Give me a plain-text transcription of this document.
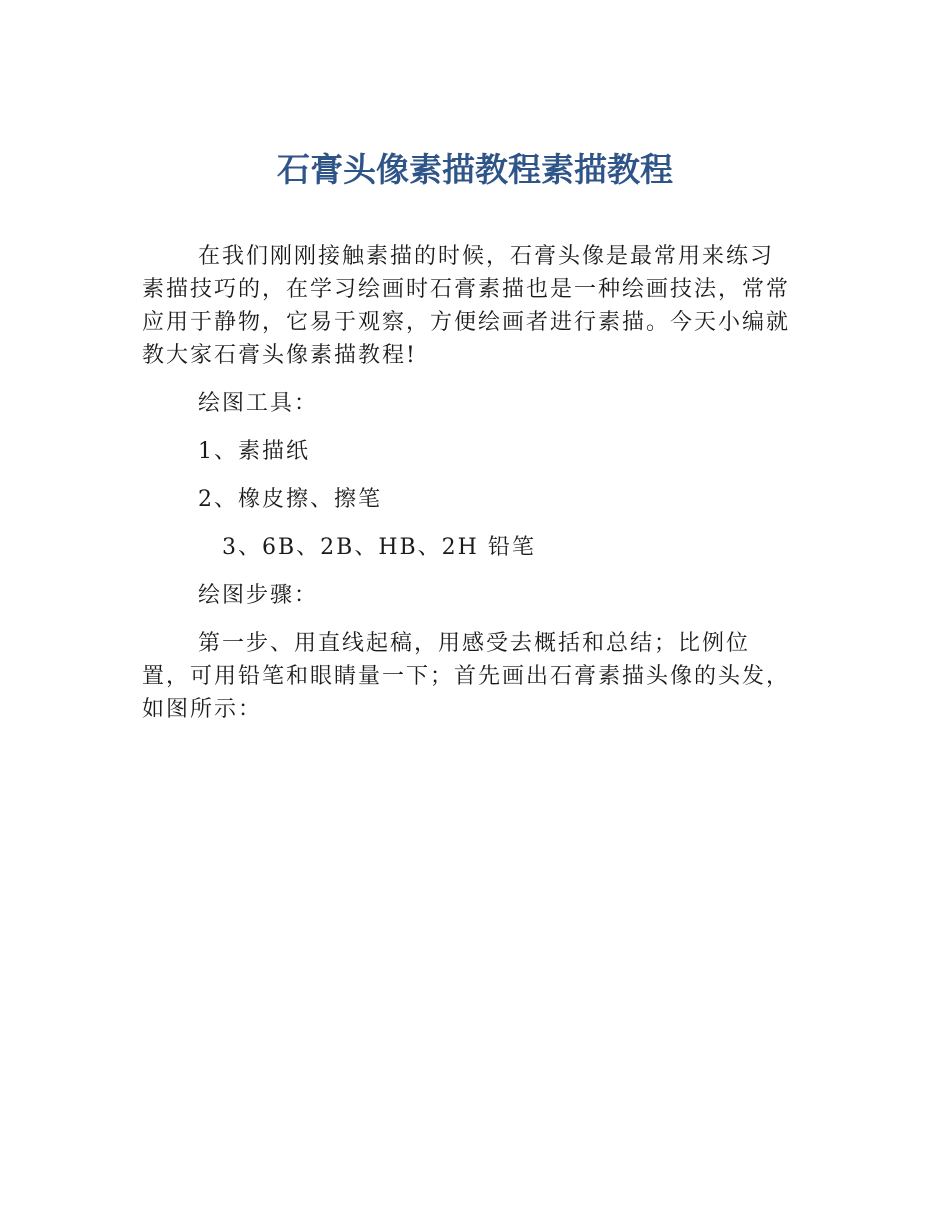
石膏头像素描教程素描教程

在我们刚刚接触素描的时候，石膏头像是最常用来练习
素描技巧的，在学习绘画时石膏素描也是一种绘画技法，常常
应用于静物，它易于观察，方便绘画者进行素描。今天小编就
教大家石膏头像素描教程!

绘图工具：

1、素描纸

2、橡皮擦、擦笔

3、6B、2B、HB、2H 铅笔

绘图步骤：

第一步、用直线起稿，用感受去概括和总结；比例位
置，可用铅笔和眼睛量一下；首先画出石膏素描头像的头发，
如图所示：
